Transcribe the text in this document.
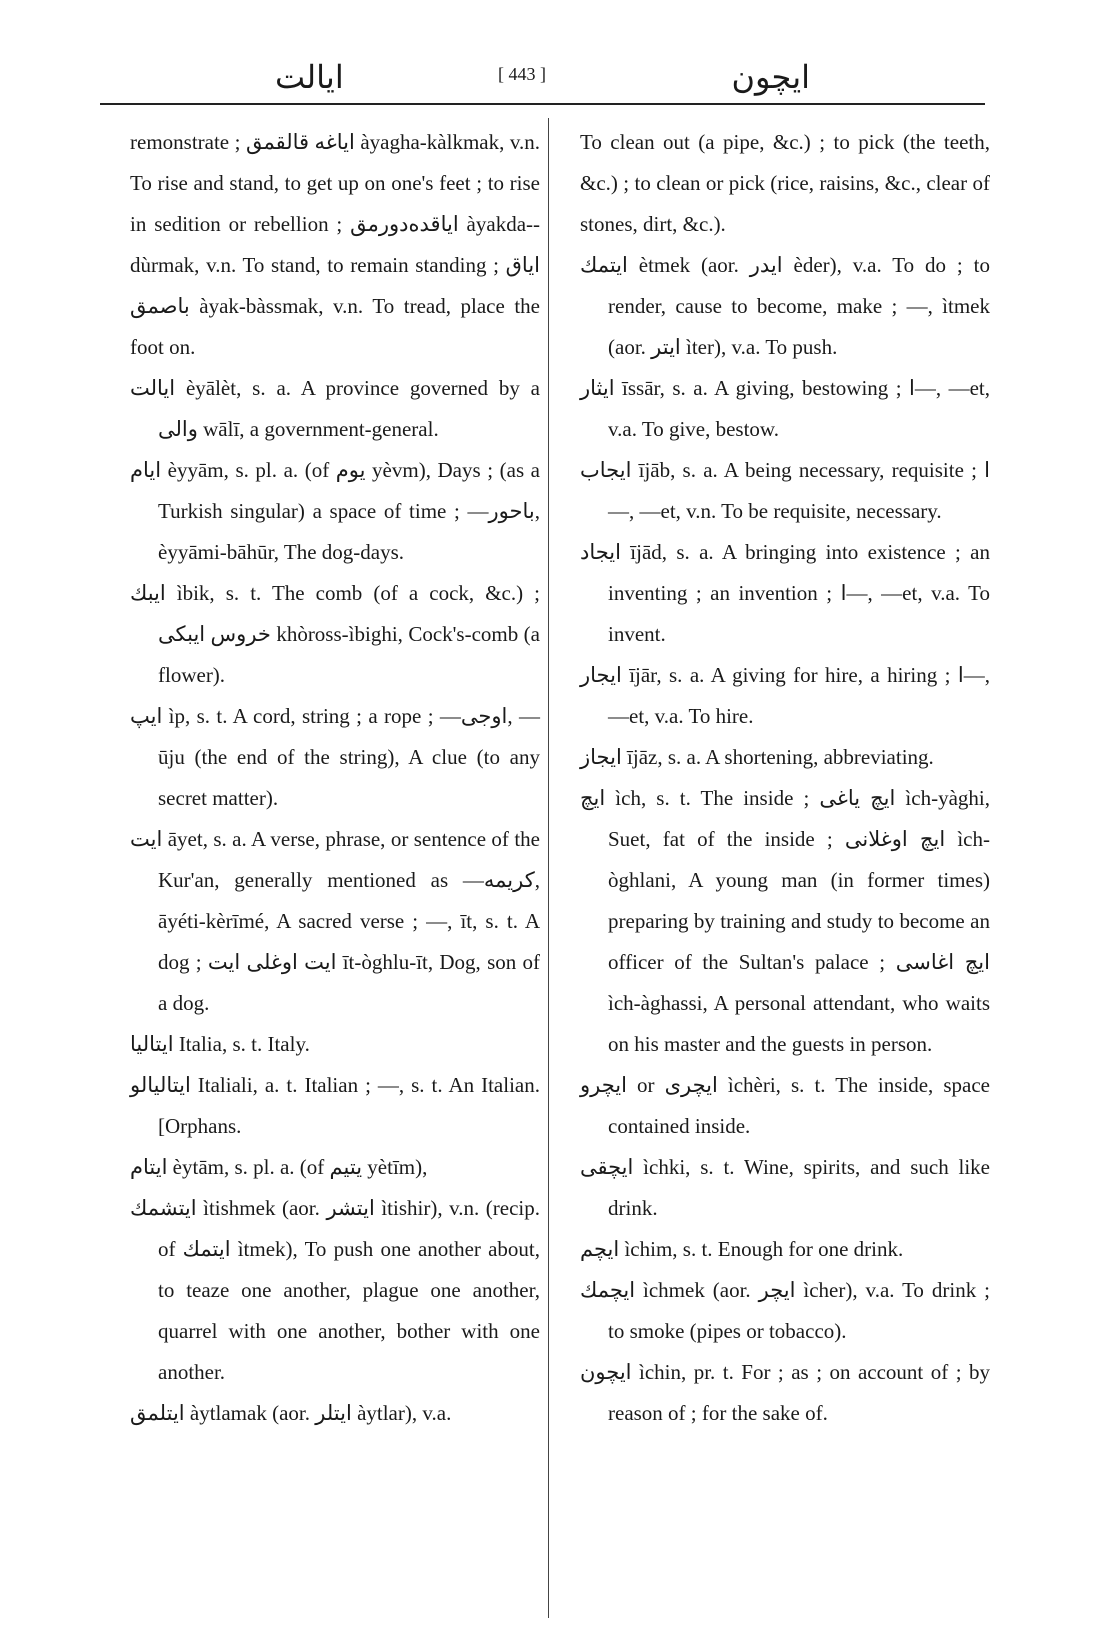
ايالت	[ 443 ]	ایچون

remonstrate ; اياغه قالقمق àyagha-kàlkmak, v.n. To rise and stand, to get up on one's feet ; to rise in sedition or rebellion ; اياقده‌دورمق àyakda--dùrmak, v.n. To stand, to remain standing ; اياق باصمق àyak-bàssmak, v.n. To tread, place the foot on.

ايالت èyālèt, s. a. A province governed by a والى wālī, a government-general.

ايام èyyām, s. pl. a. (of يوم yèvm), Days ; (as a Turkish singular) a space of time ; —باحور, èyyāmi-bāhūr, The dog-days.

ايبك ìbik, s. t. The comb (of a cock, &c.) ; خروس ايبكى khòross-ìbighi, Cock's-comb (a flower).

ايپ ìp, s. t. A cord, string ; a rope ; —اوجى, —ūju (the end of the string), A clue (to any secret matter).

ايت āyet, s. a. A verse, phrase, or sentence of the Kur'an, generally mentioned as —كريمه, āyéti-kèrīmé, A sacred verse ; —, īt, s. t. A dog ; ايت اوغلى ايت īt-òghlu-īt, Dog, son of a dog.

ايتاليا Italia, s. t. Italy.

ايتاليالو Italiali, a. t. Italian ; —, s. t. An Italian. [Orphans.

ايتام èytām, s. pl. a. (of يتيم yètīm),

ايتشمك ìtishmek (aor. ايتشر ìtishir), v.n. (recip. of ايتمك ìtmek), To push one another about, to teaze one another, plague one another, quarrel with one another, bother with one another.

ايتلمق àytlamak (aor. ايتلر àytlar), v.a.

To clean out (a pipe, &c.) ; to pick (the teeth, &c.) ; to clean or pick (rice, raisins, &c., clear of stones, dirt, &c.).

ايتمك ètmek (aor. ايدر èder), v.a. To do ; to render, cause to become, make ; —, ìtmek (aor. ايتر ìter), v.a. To push.

ايثار īssār, s. a. A giving, bestowing ; ا—, —et, v.a. To give, bestow.

ايجاب ījāb, s. a. A being necessary, requisite ; ا—, —et, v.n. To be requisite, necessary.

ايجاد ījād, s. a. A bringing into existence ; an inventing ; an invention ; ا—, —et, v.a. To invent.

ايجار ījār, s. a. A giving for hire, a hiring ; ا—, —et, v.a. To hire.

ايجاز ījāz, s. a. A shortening, abbreviating.

ايچ ìch, s. t. The inside ; ايچ ياغى ìch-yàghi, Suet, fat of the inside ; ايچ اوغلانى ìch-òghlani, A young man (in former times) preparing by training and study to become an officer of the Sultan's palace ; ايچ اغاسى ìch-àghassi, A personal attendant, who waits on his master and the guests in person.

ايچرو or ايچرى ìchèri, s. t. The inside, space contained inside.

ايچقى ìchki, s. t. Wine, spirits, and such like drink.

ايچم ìchim, s. t. Enough for one drink.

ايچمك ìchmek (aor. ايچر ìcher), v.a. To drink ; to smoke (pipes or tobacco).

ايچون ìchin, pr. t. For ; as ; on account of ; by reason of ; for the sake of.
